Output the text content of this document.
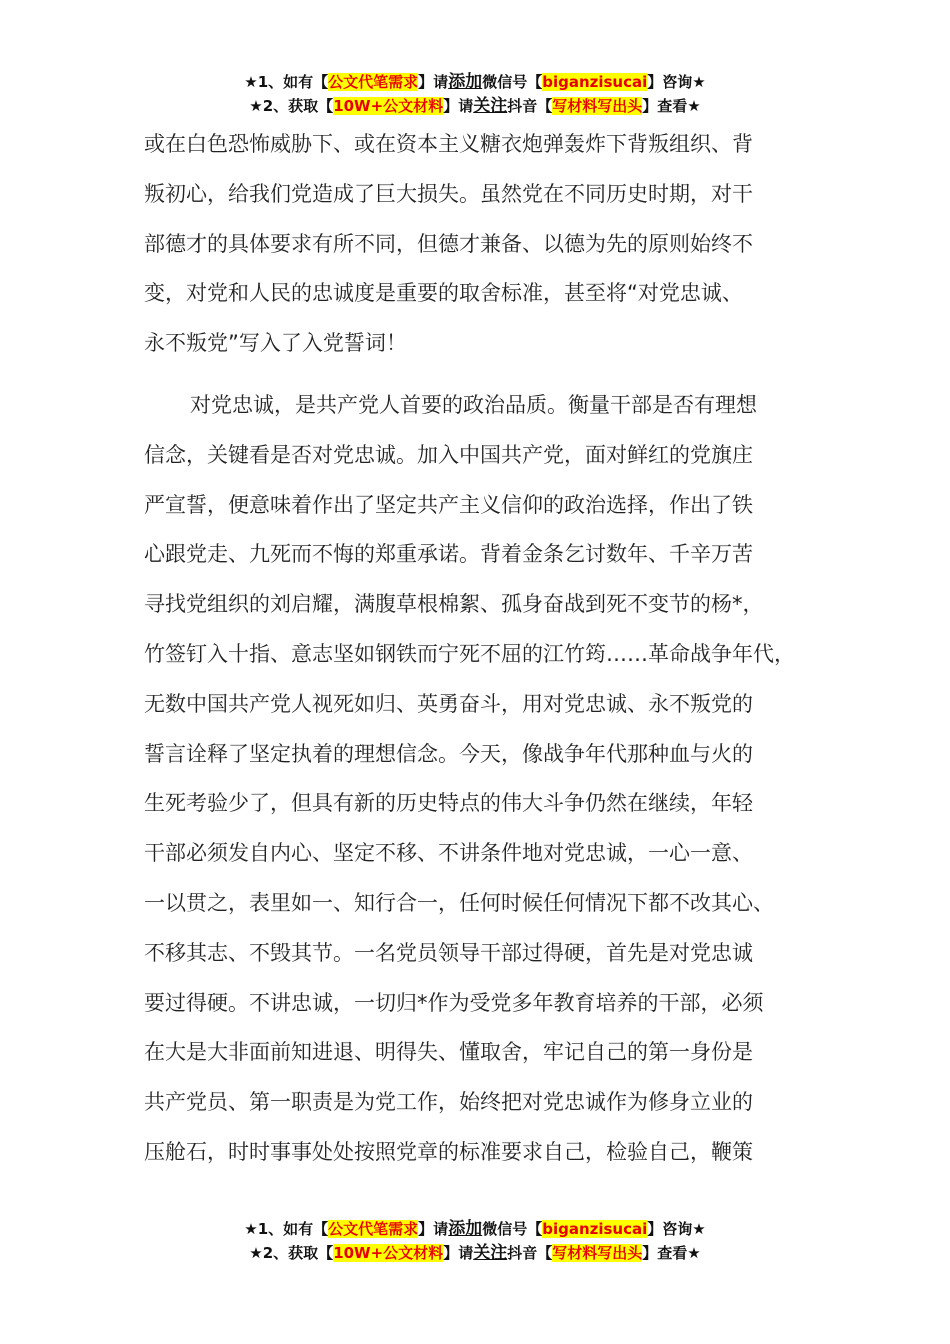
★1、如有【公文代笔需求】请添加微信号【biganzisucai】咨询★
★2、获取【10W+公文材料】请关注抖音【写材料写出头】查看★

或在白色恐怖威胁下、或在资本主义糖衣炮弹轰炸下背叛组织、背
叛初心，给我们党造成了巨大损失。虽然党在不同历史时期，对干
部德才的具体要求有所不同，但德才兼备、以德为先的原则始终不
变，对党和人民的忠诚度是重要的取舍标准，甚至将“对党忠诚、
永不叛党”写入了入党誓词！

对党忠诚，是共产党人首要的政治品质。衡量干部是否有理想
信念，关键看是否对党忠诚。加入中国共产党，面对鲜红的党旗庄
严宣誓，便意味着作出了坚定共产主义信仰的政治选择，作出了铁
心跟党走、九死而不悔的郑重承诺。背着金条乞讨数年、千辛万苦
寻找党组织的刘启耀，满腹草根棉絮、孤身奋战到死不变节的杨*，
竹签钉入十指、意志坚如钢铁而宁死不屈的江竹筠……革命战争年代，
无数中国共产党人视死如归、英勇奋斗，用对党忠诚、永不叛党的
誓言诠释了坚定执着的理想信念。今天，像战争年代那种血与火的
生死考验少了，但具有新的历史特点的伟大斗争仍然在继续，年轻
干部必须发自内心、坚定不移、不讲条件地对党忠诚，一心一意、
一以贯之，表里如一、知行合一，任何时候任何情况下都不改其心、
不移其志、不毁其节。一名党员领导干部过得硬，首先是对党忠诚
要过得硬。不讲忠诚，一切归*作为受党多年教育培养的干部，必须
在大是大非面前知进退、明得失、懂取舍，牢记自己的第一身份是
共产党员、第一职责是为党工作，始终把对党忠诚作为修身立业的
压舱石，时时事事处处按照党章的标准要求自己，检验自己，鞭策

★1、如有【公文代笔需求】请添加微信号【biganzisucai】咨询★
★2、获取【10W+公文材料】请关注抖音【写材料写出头】查看★
